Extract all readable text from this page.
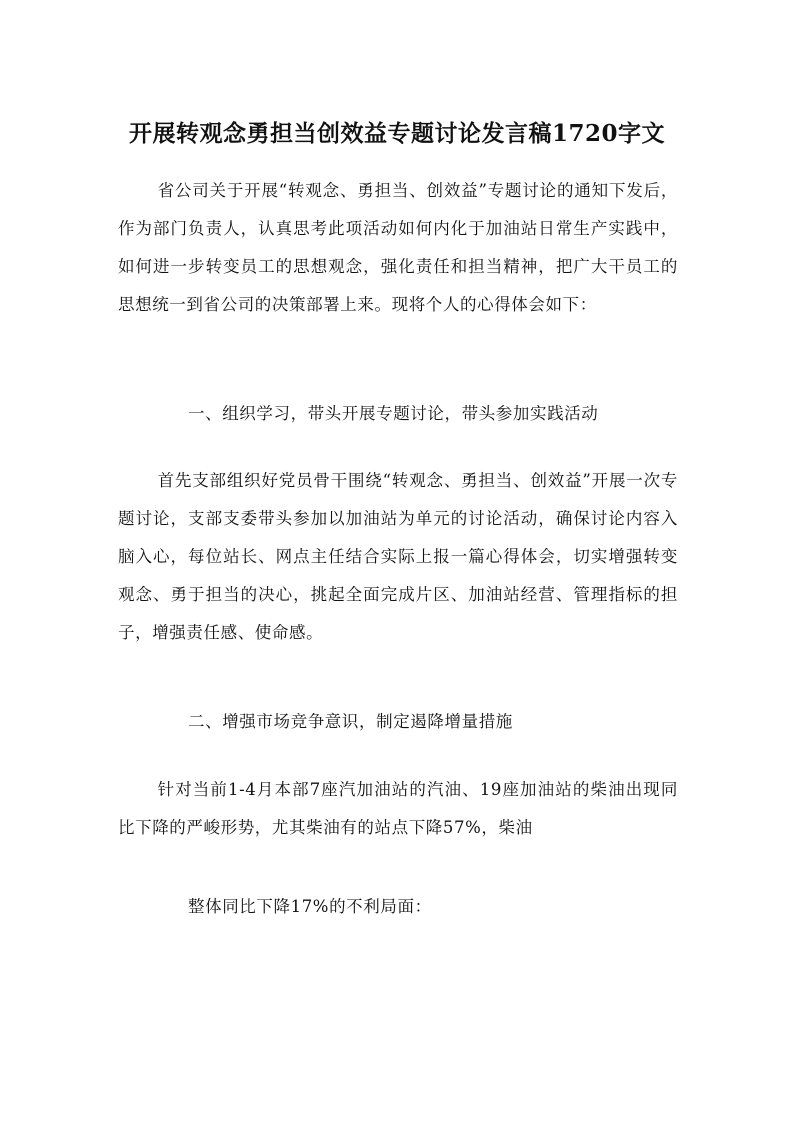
开展转观念勇担当创效益专题讨论发言稿1720字文

省公司关于开展“转观念、勇担当、创效益”专题讨论的通知下发后，作为部门负责人，认真思考此项活动如何内化于加油站日常生产实践中，如何进一步转变员工的思想观念，强化责任和担当精神，把广大干员工的思想统一到省公司的决策部署上来。现将个人的心得体会如下：

一、组织学习，带头开展专题讨论，带头参加实践活动

首先支部组织好党员骨干围绕“转观念、勇担当、创效益”开展一次专题讨论，支部支委带头参加以加油站为单元的讨论活动，确保讨论内容入脑入心，每位站长、网点主任结合实际上报一篇心得体会，切实增强转变观念、勇于担当的决心，挑起全面完成片区、加油站经营、管理指标的担子，增强责任感、使命感。

二、增强市场竞争意识，制定遏降增量措施

针对当前1-4月本部7座汽加油站的汽油、19座加油站的柴油出现同比下降的严峻形势，尤其柴油有的站点下降57%，柴油

整体同比下降17%的不利局面：
